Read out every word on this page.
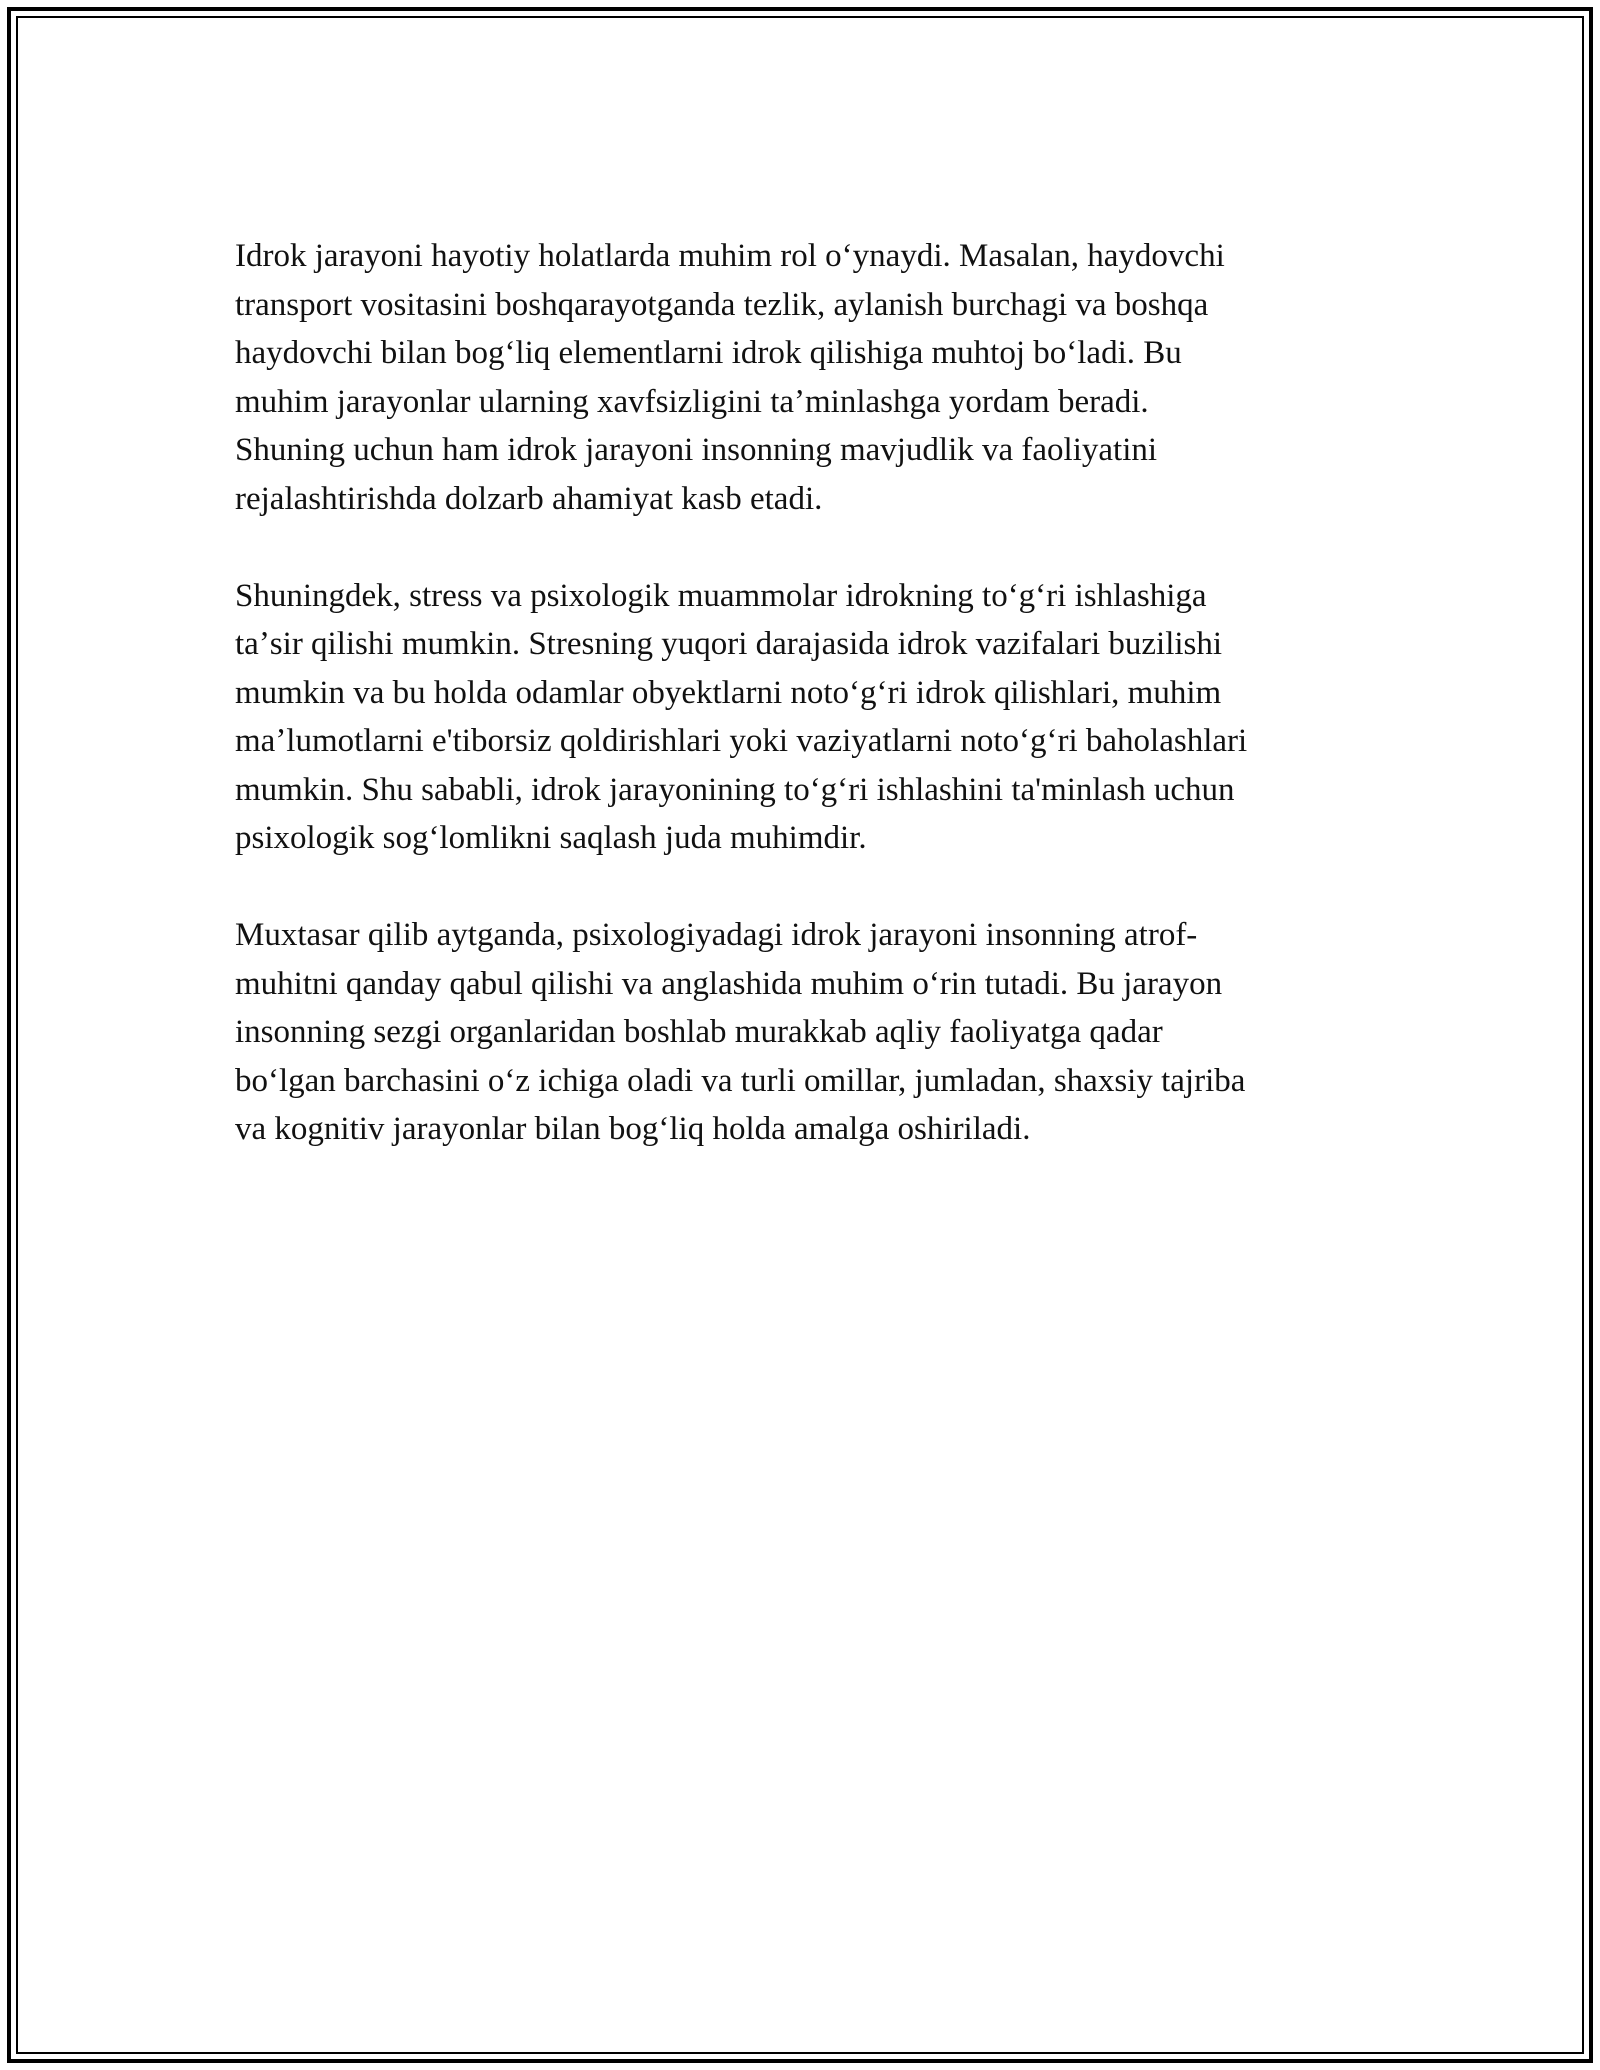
Idrok jarayoni hayotiy holatlarda muhim rol oʻynaydi. Masalan, haydovchi
transport vositasini boshqarayotganda tezlik, aylanish burchagi va boshqa
haydovchi bilan bogʻliq elementlarni idrok qilishiga muhtoj boʻladi. Bu
muhim jarayonlar ularning xavfsizligini taʼminlashga yordam beradi.
Shuning uchun ham idrok jarayoni insonning mavjudlik va faoliyatini
rejalashtirishda dolzarb ahamiyat kasb etadi.

Shuningdek, stress va psixologik muammolar idrokning toʻgʻri ishlashiga
taʼsir qilishi mumkin. Stresning yuqori darajasida idrok vazifalari buzilishi
mumkin va bu holda odamlar obyektlarni notoʻgʻri idrok qilishlari, muhim
maʼlumotlarni e'tiborsiz qoldirishlari yoki vaziyatlarni notoʻgʻri baholashlari
mumkin. Shu sababli, idrok jarayonining toʻgʻri ishlashini ta'minlash uchun
psixologik sogʻlomlikni saqlash juda muhimdir.

Muxtasar qilib aytganda, psixologiyadagi idrok jarayoni insonning atrof-
muhitni qanday qabul qilishi va anglashida muhim oʻrin tutadi. Bu jarayon
insonning sezgi organlaridan boshlab murakkab aqliy faoliyatga qadar
boʻlgan barchasini oʻz ichiga oladi va turli omillar, jumladan, shaxsiy tajriba
va kognitiv jarayonlar bilan bogʻliq holda amalga oshiriladi.
